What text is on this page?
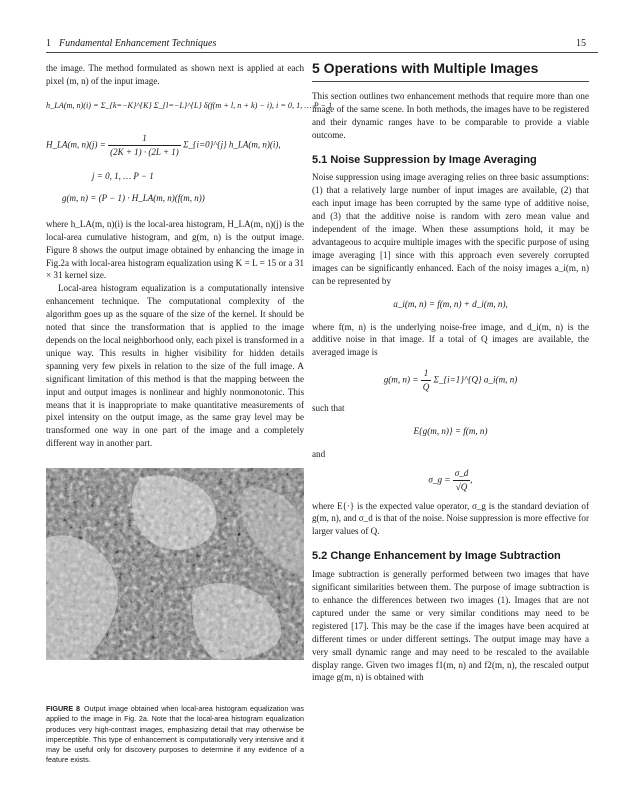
1 Fundamental Enhancement Techniques	15

the image. The method formulated as shown next is applied at each pixel (m, n) of the input image.

h_LA(m, n)(i) = Σ_{k=−K}^{K} Σ_{l=−L}^{L} δ(f(m + l, n + k) − i), i = 0, 1, … P − 1
H_LA(m, $n)(j) = \frac{1}{(2K + 1) \cdot (2L + 1)}$ Σ_{i=0}^{j} h_LA(m, n)(i),
j = 0, 1, … P − 1
g(m, n) = (P − 1) · H_LA(m, n)(f(m, n))

where h_LA(m, n)(i) is the local-area histogram, H_LA(m, n)(j) is the local-area cumulative histogram, and g(m, n) is the output image. Figure 8 shows the output image obtained by enhancing the image in Fig.2a with local-area histogram equalization using K = L = 15 or a 31 × 31 kernel size.

Local-area histogram equalization is a computationally intensive enhancement technique. The computational complexity of the algorithm goes up as the square of the size of the kernel. It should be noted that since the transformation that is applied to the image depends on the local neighborhood only, each pixel is transformed in a unique way. This results in higher visibility for hidden details spanning very few pixels in relation to the size of the full image. A significant limitation of this method is that the mapping between the input and output images is nonlinear and highly nonmonotonic. This means that it is inappropriate to make quantitative measurements of pixel intensity on the output image, as the same gray level may be transformed one way in one part of the image and a completely different way in another part.

FIGURE 8 Output image obtained when local-area histogram equalization was applied to the image in Fig. 2a. Note that the local-area histogram equalization produces very high-contrast images, emphasizing detail that may otherwise be imperceptible. This type of enhancement is computationally very intensive and it may be useful only for discovery purposes to determine if any evidence of a feature exists.
5 Operations with Multiple Images

This section outlines two enhancement methods that require more than one image of the same scene. In both methods, the images have to be registered and their dynamic ranges have to be comparable to provide a viable outcome.

5.1 Noise Suppression by Image Averaging

Noise suppression using image averaging relies on three basic assumptions: (1) that a relatively large number of input images are available, (2) that each input image has been corrupted by the same type of additive noise, and (3) that the additive noise is random with zero mean value and independent of the image. When these assumptions hold, it may be advantageous to acquire multiple images with the specific purpose of using image averaging [1] since with this approach even severely corrupted images can be significantly enhanced. Each of the noisy images a_i(m, n) can be represented by

a_i(m, n) = f(m, n) + d_i(m, n),

where f(m, n) is the underlying noise-free image, and d_i(m, n) is the additive noise in that image. If a total of Q images are available, the averaged image is

g(m, $n) = \frac{1}{Q}$ Σ_{i=1}^{Q} a_i(m, n)

such that

E{g(m, n)} = f(m, n)

and

σ_g = $\frac{\sigma\_d}{√Q}$ ,

where E{·} is the expected value operator, σ_g is the standard deviation of g(m, n), and σ_d is that of the noise. Noise suppression is more effective for larger values of Q.

5.2 Change Enhancement by Image Subtraction

Image subtraction is generally performed between two images that have significant similarities between them. The purpose of image subtraction is to enhance the differences between two images (1). Images that are not captured under the same or very similar conditions may need to be registered [17]. This may be the case if the images have been acquired at different times or under different settings. The output image may have a very small dynamic range and may need to be rescaled to the available display range. Given two images f1(m, n) and f2(m, n), the rescaled output image g(m, n) is obtained with
